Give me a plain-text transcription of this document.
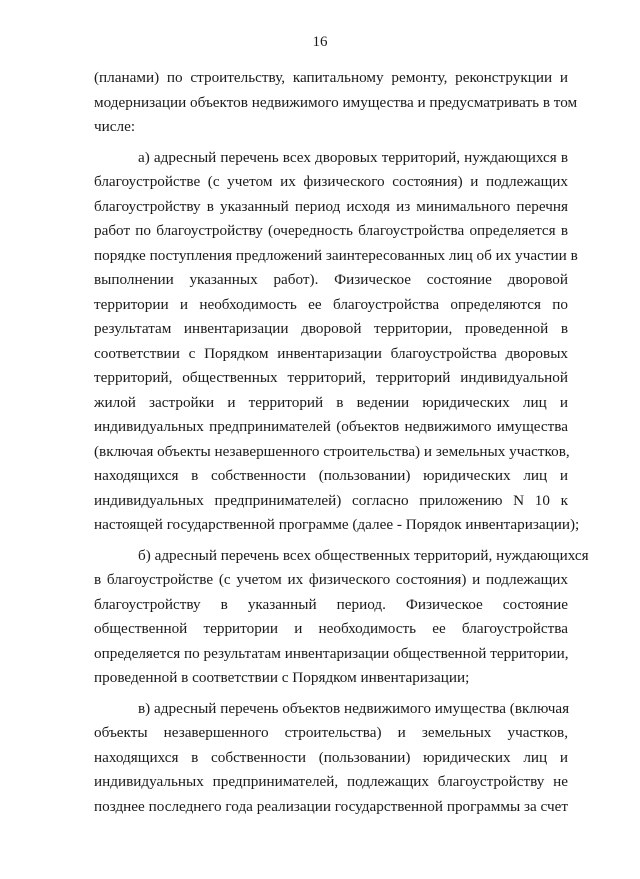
16
(планами) по строительству, капитальному ремонту, реконструкции и
модернизации объектов недвижимого имущества и предусматривать в том
числе:
а) адресный перечень всех дворовых территорий, нуждающихся в
благоустройстве (с учетом их физического состояния) и подлежащих
благоустройству в указанный период исходя из минимального перечня
работ по благоустройству (очередность благоустройства определяется в
порядке поступления предложений заинтересованных лиц об их участии в
выполнении указанных работ). Физическое состояние дворовой
территории и необходимость ее благоустройства определяются по
результатам инвентаризации дворовой территории, проведенной в
соответствии с Порядком инвентаризации благоустройства дворовых
территорий, общественных территорий, территорий индивидуальной
жилой застройки и территорий в ведении юридических лиц и
индивидуальных предпринимателей (объектов недвижимого имущества
(включая объекты незавершенного строительства) и земельных участков,
находящихся в собственности (пользовании) юридических лиц и
индивидуальных предпринимателей) согласно приложению N 10 к
настоящей государственной программе (далее - Порядок инвентаризации);
б) адресный перечень всех общественных территорий, нуждающихся
в благоустройстве (с учетом их физического состояния) и подлежащих
благоустройству в указанный период. Физическое состояние
общественной территории и необходимость ее благоустройства
определяется по результатам инвентаризации общественной территории,
проведенной в соответствии с Порядком инвентаризации;
в) адресный перечень объектов недвижимого имущества (включая
объекты незавершенного строительства) и земельных участков,
находящихся в собственности (пользовании) юридических лиц и
индивидуальных предпринимателей, подлежащих благоустройству не
позднее последнего года реализации государственной программы за счет
